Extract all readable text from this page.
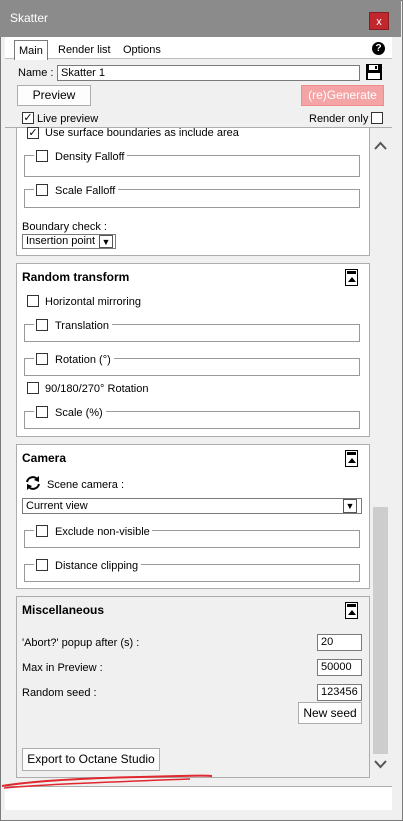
Skatter	x
Main	Render list	Options	?
Name : Skatter 1
Preview	(re)Generate
✓ Live preview	Render only
✓ Use surface boundaries as include area
Density Falloff
Scale Falloff
Boundary check :
Insertion point ▼
Random transform
Horizontal mirroring
Translation
Rotation (°)
90/180/270° Rotation
Scale (%)
Camera
Scene camera :
Current view	▼
Exclude non-visible
Distance clipping
Miscellaneous
'Abort?' popup after (s) :	20
Max in Preview :	50000
Random seed :	123456
New seed
Export to Octane Studio
